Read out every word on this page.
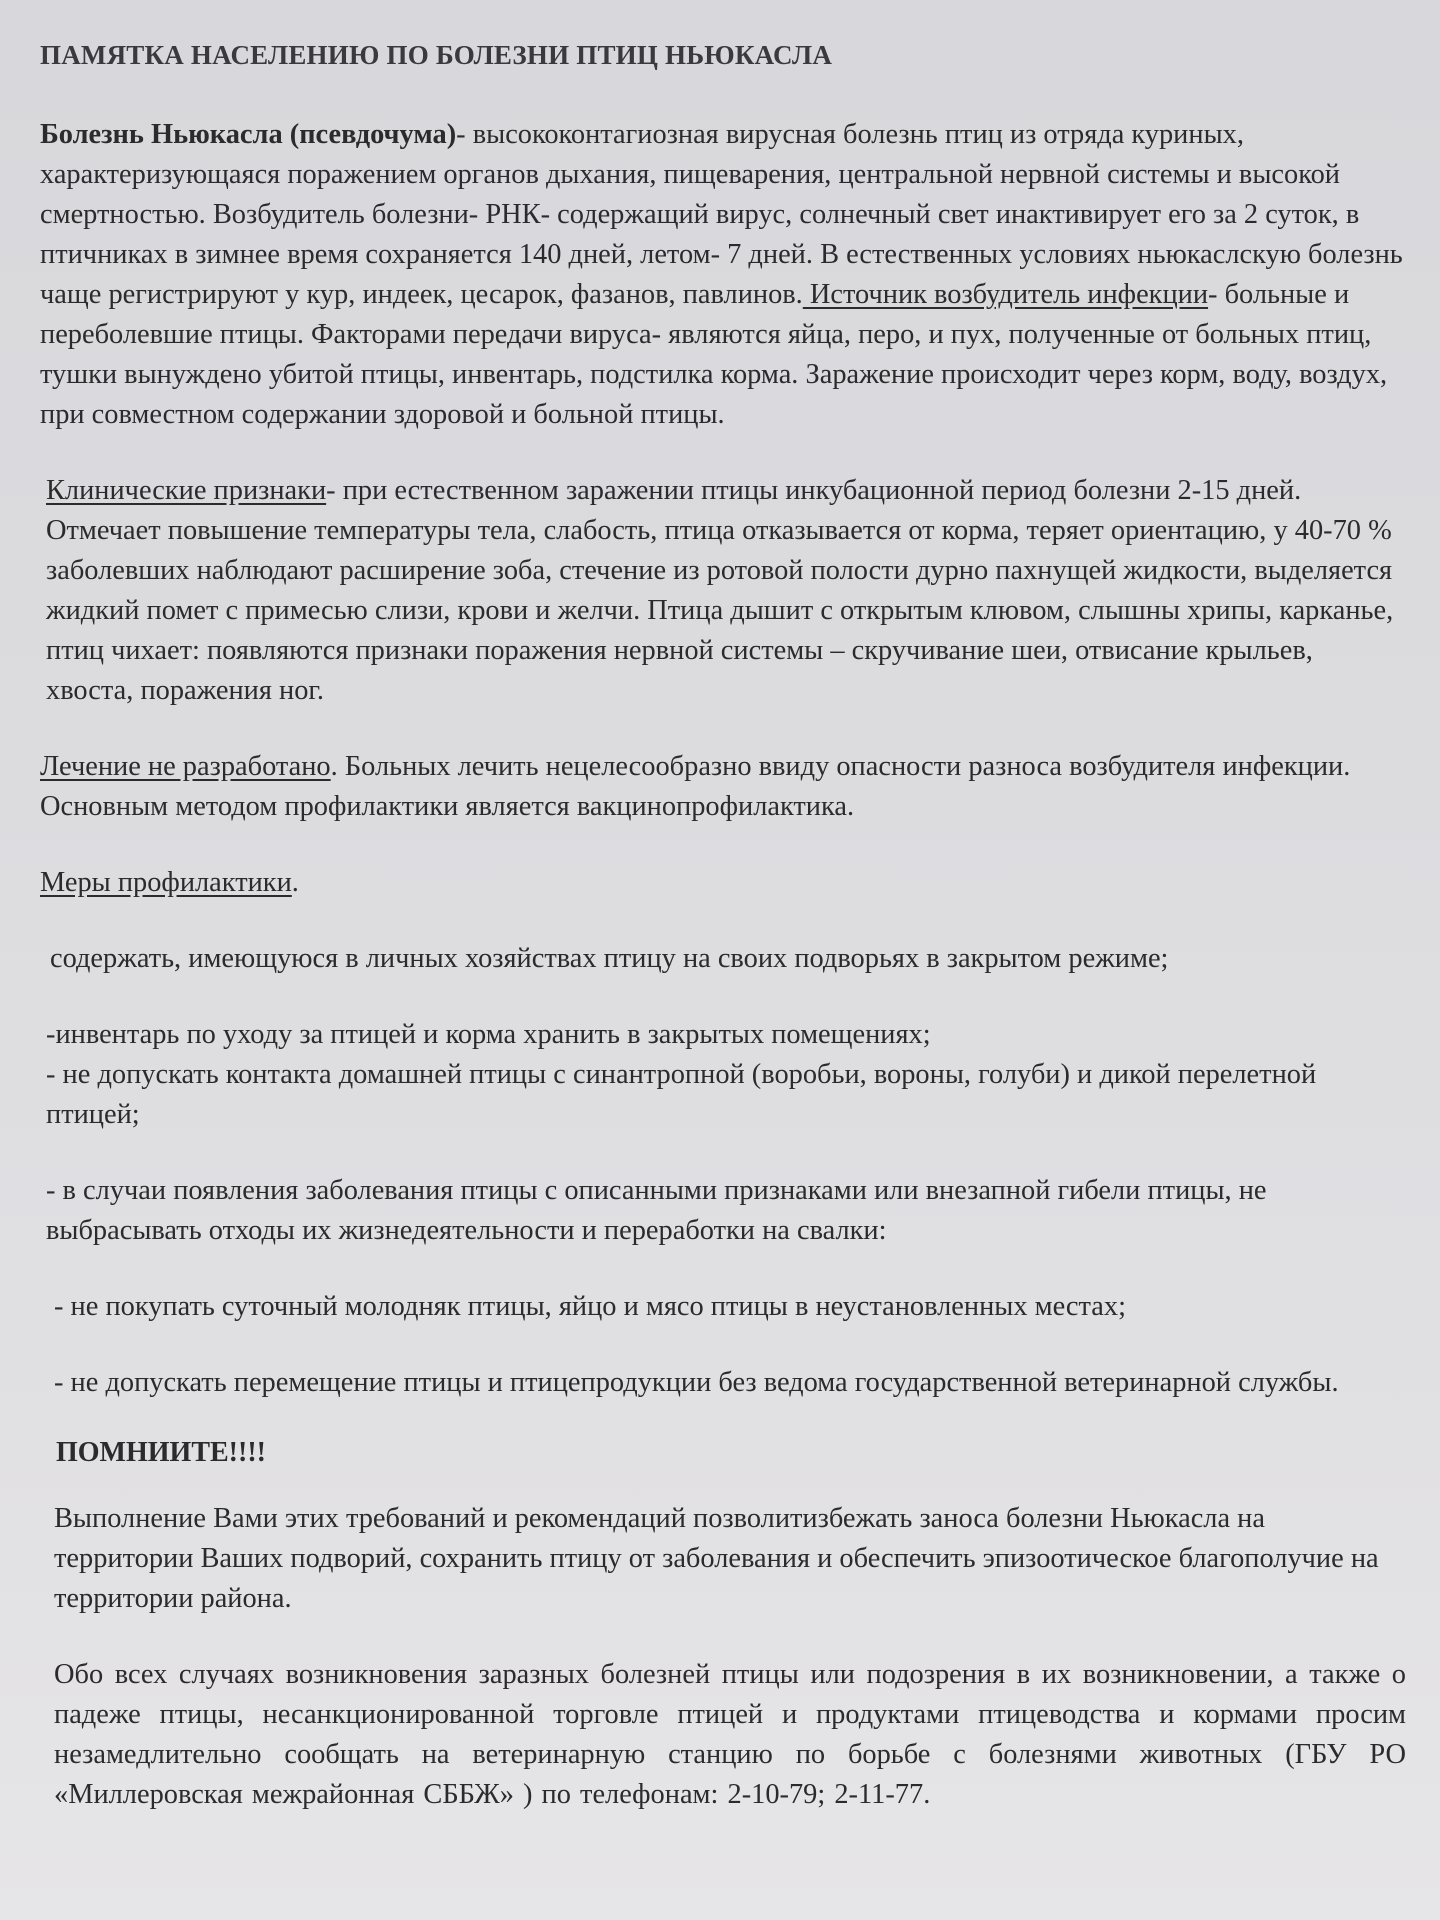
ПАМЯТКА НАСЕЛЕНИЮ ПО БОЛЕЗНИ ПТИЦ НЬЮКАСЛА

Болезнь Ньюкасла (псевдочума)- высококонтагиозная вирусная болезнь птиц из отряда куриных, характеризующаяся поражением органов дыхания, пищеварения, центральной нервной системы и высокой смертностью. Возбудитель болезни- РНК- содержащий вирус, солнечный свет инактивирует его за 2 суток, в птичниках в зимнее время сохраняется 140 дней, летом- 7 дней. В естественных условиях ньюкаслскую болезнь чаще регистрируют у кур, индеек, цесарок, фазанов, павлинов. Источник возбудитель инфекции- больные и переболевшие птицы. Факторами передачи вируса- являются яйца, перо, и пух, полученные от больных птиц, тушки вынуждено убитой птицы, инвентарь, подстилка корма. Заражение происходит через корм, воду, воздух, при совместном содержании здоровой и больной птицы.

Клинические признаки- при естественном заражении птицы инкубационной период болезни 2-15 дней. Отмечает повышение температуры тела, слабость, птица отказывается от корма, теряет ориентацию, у 40-70 % заболевших наблюдают расширение зоба, стечение из ротовой полости дурно пахнущей жидкости, выделяется жидкий помет с примесью слизи, крови и желчи. Птица дышит с открытым клювом, слышны хрипы, карканье, птиц чихает: появляются признаки поражения нервной системы – скручивание шеи, отвисание крыльев, хвоста, поражения ног.

Лечение не разработано. Больных лечить нецелесообразно ввиду опасности разноса возбудителя инфекции. Основным методом профилактики является вакцинопрофилактика.

Меры профилактики.

содержать, имеющуюся в личных хозяйствах птицу на своих подворьях в закрытом режиме;

-инвентарь по уходу за птицей и корма хранить в закрытых помещениях;

- не допускать контакта домашней птицы с синантропной (воробьи, вороны, голуби) и дикой перелетной птицей;

- в случаи появления заболевания птицы с описанными признаками или внезапной гибели птицы, не выбрасывать отходы их жизнедеятельности и переработки на свалки:

- не покупать суточный молодняк птицы, яйцо и мясо птицы в неустановленных местах;

- не допускать перемещение птицы и птицепродукции без ведома государственной ветеринарной службы.

ПОМНИИТЕ!!!!

Выполнение Вами этих требований и рекомендаций позволитизбежать заноса болезни Ньюкасла на территории Ваших подворий, сохранить птицу от заболевания и обеспечить эпизоотическое благополучие на территории района.

Обо всех случаях возникновения заразных болезней птицы или подозрения в их возникновении, а также о падеже птицы, несанкционированной торговле птицей и продуктами птицеводства и кормами просим незамедлительно сообщать на ветеринарную станцию по борьбе с болезнями животных (ГБУ РО «Миллеровская межрайонная СББЖ» ) по телефонам: 2-10-79; 2-11-77.
